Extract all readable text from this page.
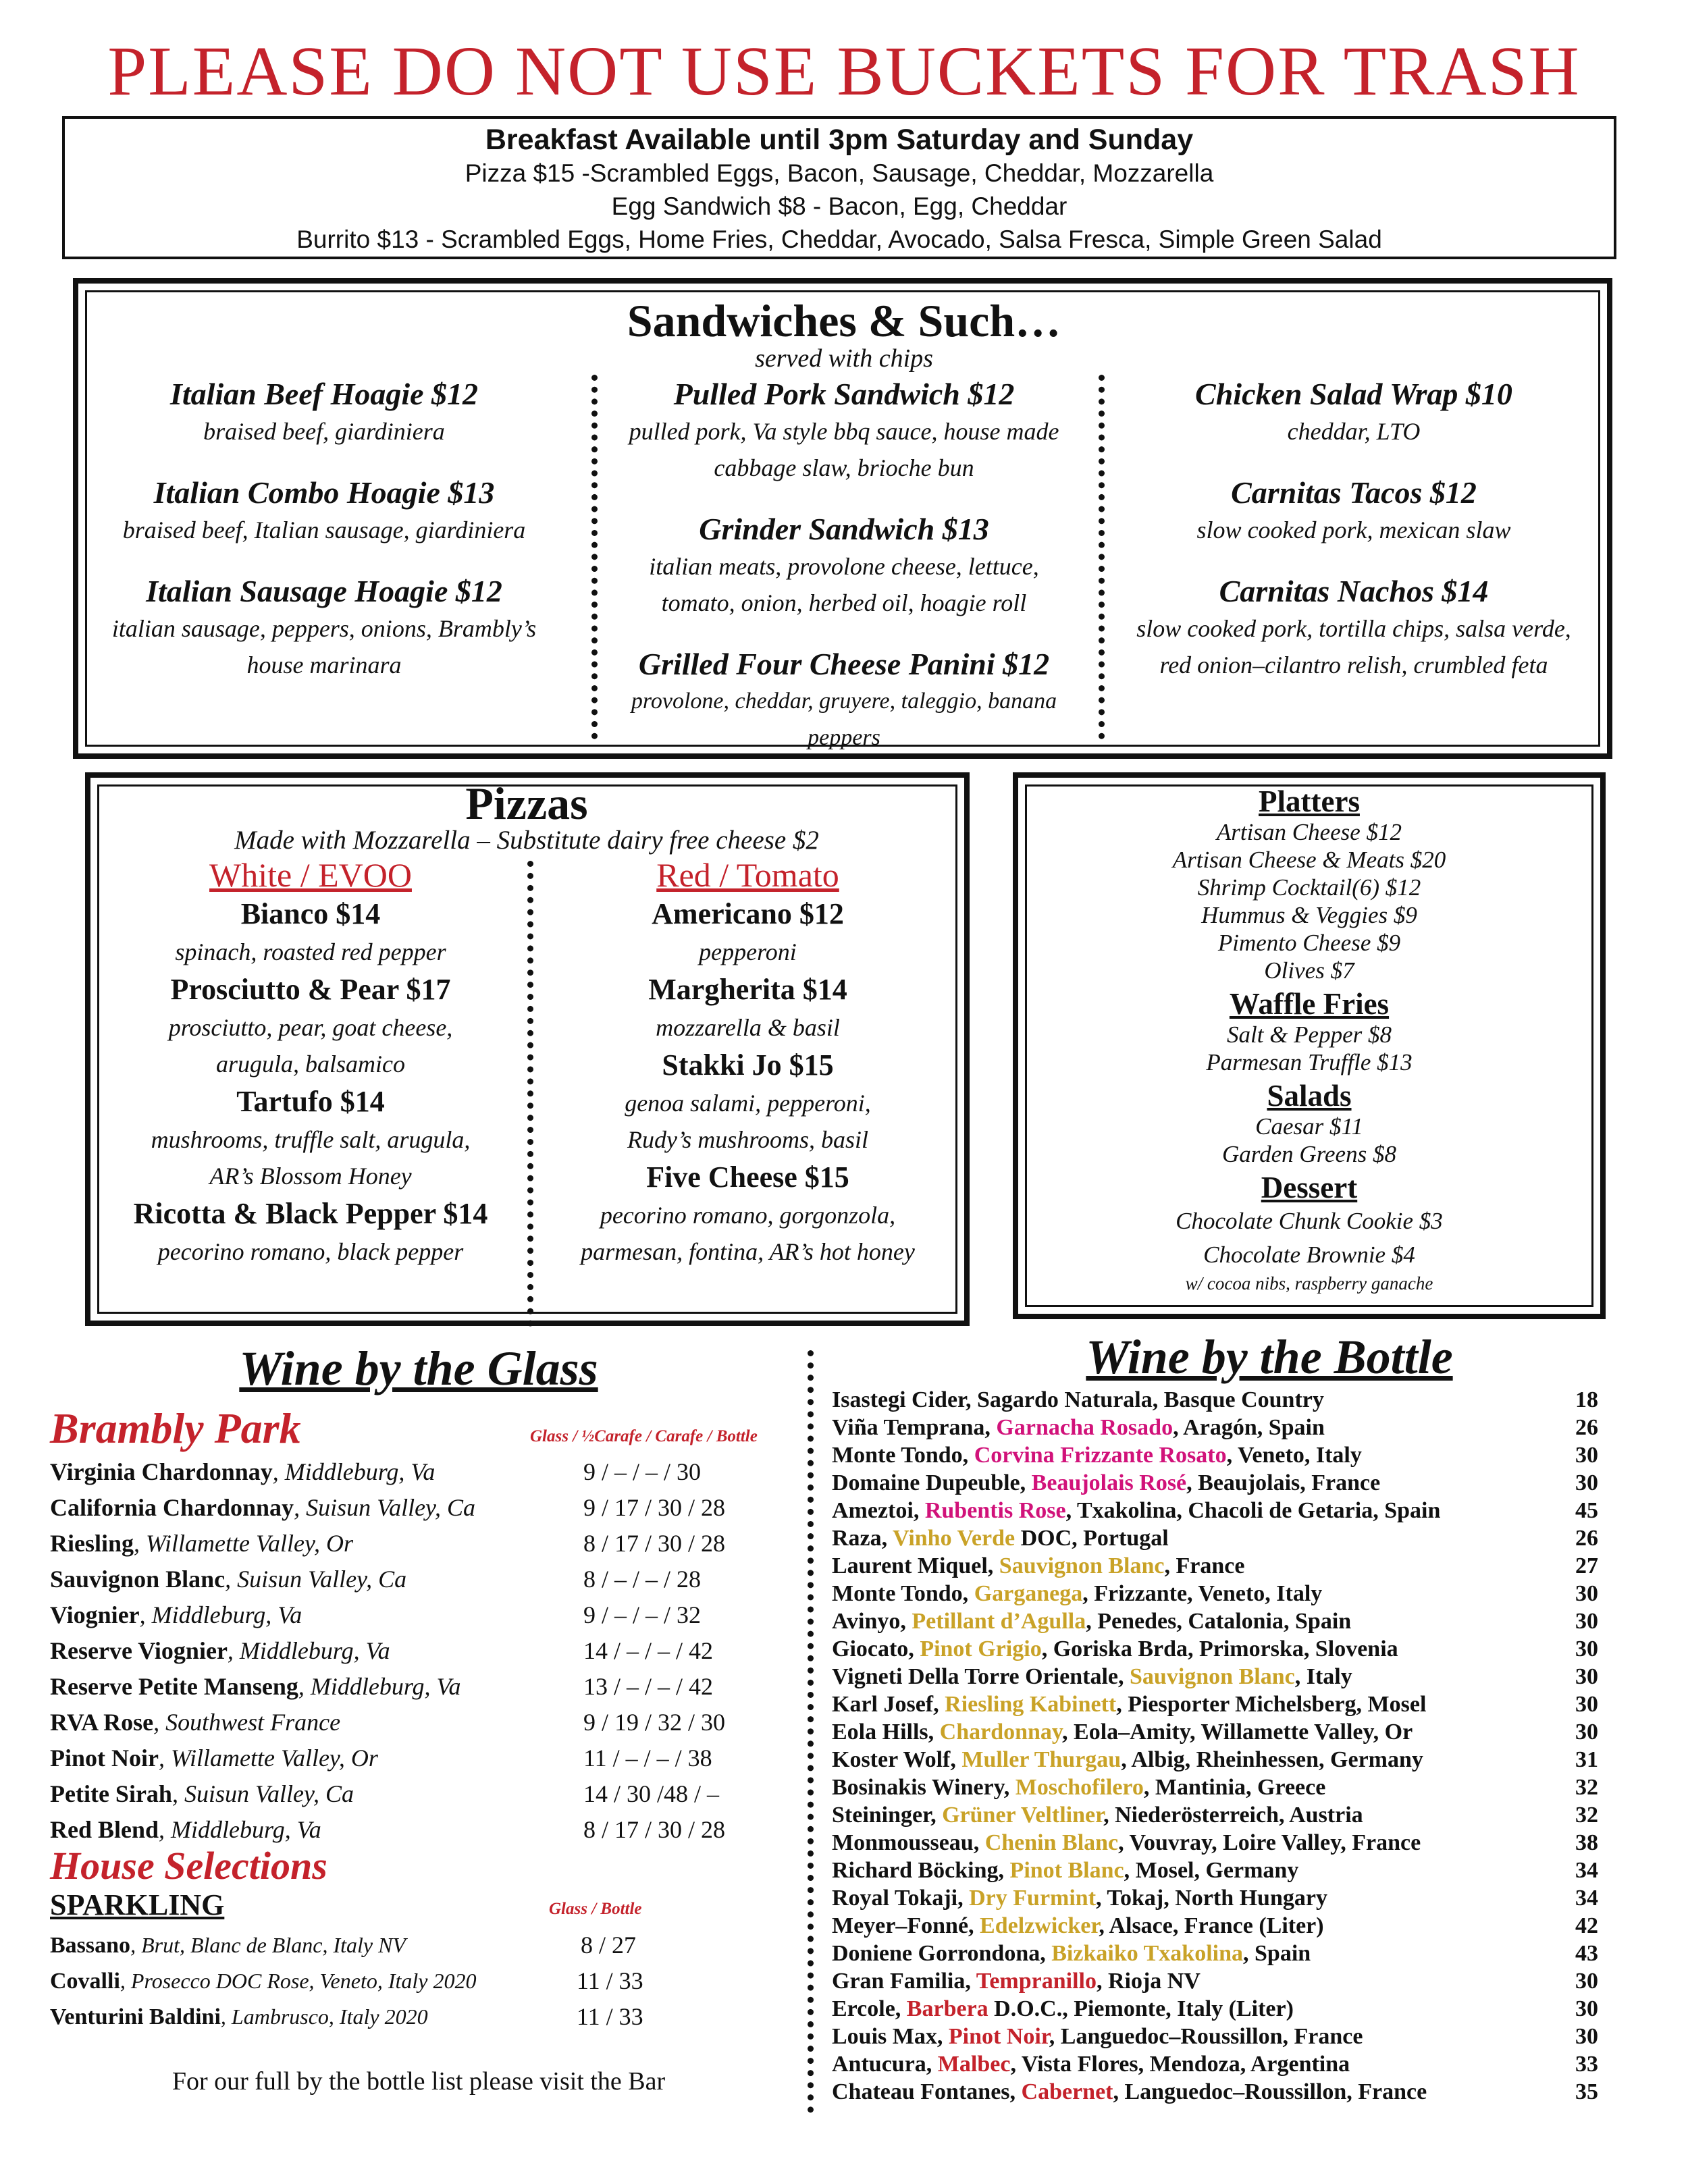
PLEASE DO NOT USE BUCKETS FOR TRASH
Breakfast Available until 3pm Saturday and Sunday
Pizza $15 -Scrambled Eggs, Bacon, Sausage, Cheddar, Mozzarella
Egg Sandwich $8 - Bacon, Egg, Cheddar
Burrito $13 - Scrambled Eggs, Home Fries, Cheddar, Avocado, Salsa Fresca, Simple Green Salad
Sandwiches & Such…
served with chips
Italian Beef Hoagie $12
braised beef, giardiniera
Italian Combo Hoagie $13
braised beef, Italian sausage, giardiniera
Italian Sausage Hoagie $12
italian sausage, peppers, onions, Brambly’s
house marinara
Pulled Pork Sandwich $12
pulled pork, Va style bbq sauce, house made
cabbage slaw, brioche bun
Grinder Sandwich $13
italian meats, provolone cheese, lettuce,
tomato, onion, herbed oil, hoagie roll
Grilled Four Cheese Panini $12
provolone, cheddar, gruyere, taleggio, banana peppers
Chicken Salad Wrap $10
cheddar, LTO
Carnitas Tacos $12
slow cooked pork, mexican slaw
Carnitas Nachos $14
slow cooked pork, tortilla chips, salsa verde,
red onion–cilantro relish, crumbled feta
Pizzas
Made with Mozzarella – Substitute dairy free cheese $2
White / EVOO
Bianco $14
spinach, roasted red pepper
Prosciutto & Pear $17
prosciutto, pear, goat cheese,
arugula, balsamico
Tartufo $14
mushrooms, truffle salt, arugula,
AR’s Blossom Honey
Ricotta & Black Pepper $14
pecorino romano, black pepper
Red / Tomato
Americano $12
pepperoni
Margherita $14
mozzarella & basil
Stakki Jo $15
genoa salami, pepperoni,
Rudy’s mushrooms, basil
Five Cheese $15
pecorino romano, gorgonzola,
parmesan, fontina, AR’s hot honey
Platters
Artisan Cheese $12
Artisan Cheese & Meats $20
Shrimp Cocktail(6) $12
Hummus & Veggies $9
Pimento Cheese $9
Olives $7
Waffle Fries
Salt & Pepper $8
Parmesan Truffle $13
Salads
Caesar $11
Garden Greens $8
Dessert
Chocolate Chunk Cookie $3
Chocolate Brownie $4
w/ cocoa nibs, raspberry ganache
Wine by the Glass
Brambly Park	Glass / ½Carafe / Carafe / Bottle
Virginia Chardonnay, Middleburg, Va	9 / – / – / 30
California Chardonnay, Suisun Valley, Ca	9 / 17 / 30 / 28
Riesling, Willamette Valley, Or	8 / 17 / 30 / 28
Sauvignon Blanc, Suisun Valley, Ca	8 / – / – / 28
Viognier, Middleburg, Va	9 / – / – / 32
Reserve Viognier, Middleburg, Va	14 / – / – / 42
Reserve Petite Manseng, Middleburg, Va	13 / – / – / 42
RVA Rose, Southwest France	9 / 19 / 32 / 30
Pinot Noir, Willamette Valley, Or	11 / – / – / 38
Petite Sirah, Suisun Valley, Ca	14 / 30 /48 / –
Red Blend, Middleburg, Va	8 / 17 / 30 / 28
House Selections
SPARKLING	Glass / Bottle
Bassano, Brut, Blanc de Blanc, Italy NV	8 / 27
Covalli, Prosecco DOC Rose, Veneto, Italy 2020	11 / 33
Venturini Baldini, Lambrusco, Italy 2020	11 / 33
For our full by the bottle list please visit the Bar
Wine by the Bottle
Isastegi Cider, Sagardo Naturala, Basque Country	18
Viña Temprana, Garnacha Rosado, Aragón, Spain	26
Monte Tondo, Corvina Frizzante Rosato, Veneto, Italy	30
Domaine Dupeuble, Beaujolais Rosé, Beaujolais, France	30
Ameztoi, Rubentis Rose, Txakolina, Chacoli de Getaria, Spain	45
Raza, Vinho Verde DOC, Portugal	26
Laurent Miquel, Sauvignon Blanc, France	27
Monte Tondo, Garganega, Frizzante, Veneto, Italy	30
Avinyo, Petillant d’Agulla, Penedes, Catalonia, Spain	30
Giocato, Pinot Grigio, Goriska Brda, Primorska, Slovenia	30
Vigneti Della Torre Orientale, Sauvignon Blanc, Italy	30
Karl Josef, Riesling Kabinett, Piesporter Michelsberg, Mosel	30
Eola Hills, Chardonnay, Eola–Amity, Willamette Valley, Or	30
Koster Wolf, Muller Thurgau, Albig, Rheinhessen, Germany	31
Bosinakis Winery, Moschofilero, Mantinia, Greece	32
Steininger, Grüner Veltliner, Niederösterreich, Austria	32
Monmousseau, Chenin Blanc, Vouvray, Loire Valley, France	38
Richard Böcking, Pinot Blanc, Mosel, Germany	34
Royal Tokaji, Dry Furmint, Tokaj, North Hungary	34
Meyer–Fonné, Edelzwicker, Alsace, France (Liter)	42
Doniene Gorrondona, Bizkaiko Txakolina, Spain	43
Gran Familia, Tempranillo, Rioja NV	30
Ercole, Barbera D.O.C., Piemonte, Italy (Liter)	30
Louis Max, Pinot Noir, Languedoc–Roussillon, France	30
Antucura, Malbec, Vista Flores, Mendoza, Argentina	33
Chateau Fontanes, Cabernet, Languedoc–Roussillon, France	35
